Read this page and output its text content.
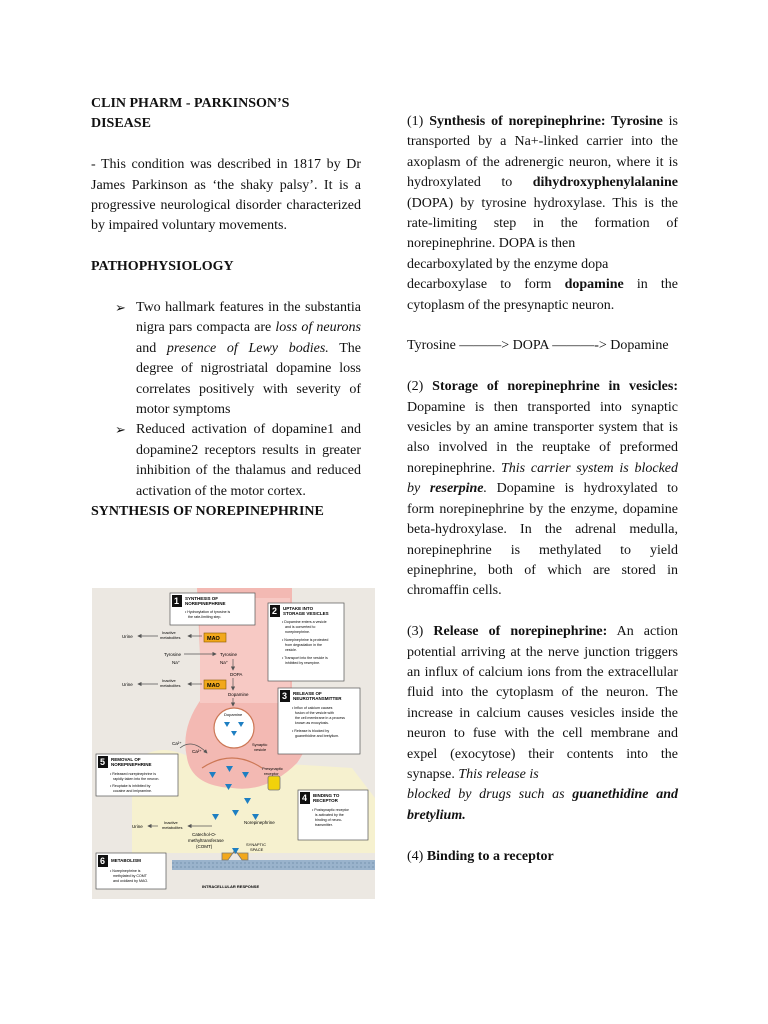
CLIN PHARM - PARKINSON’S
DISEASE
- This condition was described in 1817 by Dr James Parkinson as ‘the shaky palsy’. It is a progressive neurological disorder characterized by impaired voluntary movements.
PATHOPHYSIOLOGY
➢ Two hallmark features in the substantia nigra pars compacta are loss of neurons and presence of Lewy bodies. The degree of nigrostriatal dopamine loss correlates positively with severity of motor symptoms
➢ Reduced activation of dopamine1 and dopamine2 receptors results in greater inhibition of the thalamus and reduced activation of the motor cortex.
SYNTHESIS OF NOREPINEPHRINE
MAO
MAO
Tyrosine
Na⁺
Tyrosine
Na⁺
DOPA
Dopamine
Dopamine
Synaptic
vesicle
Ca²⁺
Ca²⁺
Presynaptic
receptor
Norepinephrine
Catechol-O-
methyltransferase
(COMT)	SYNAPTIC
SPACE
INTRACELLULAR RESPONSE
Urine
Inactive
metabolites
Urine
Inactive
metabolites
Urine
Inactive
metabolites
1 SYNTHESIS OF
NOREPINEPHRINE
• Hydroxylation of tyrosine is
the rate-limiting step.
2 UPTAKE INTO
STORAGE VESICLES
• Dopamine enters a vesicle
and is converted to
norepinephrine.
• Norepinephrine is protected
from degradation in the
vesicle.
• Transport into the vesicle is
inhibited by reserpine.
3 RELEASE OF
NEUROTRANSMITTER
• Influx of calcium causes
fusion of the vesicle with
the cell membrane in a process
known as exocytosis.
• Release is blocked by
guanethidine and bretylium.
4 BINDING TO
RECEPTOR
• Postsynaptic receptor
is activated by the
binding of neuro-
transmitter.
5 REMOVAL OF
NOREPINEPHRINE
• Released norepinephrine is
rapidly taken into the neuron.
• Reuptake is inhibited by
cocaine and imipramine.
6 METABOLISM
• Norepinephrine is
methylated by COMT
and oxidized by MAO.
(1) Synthesis of norepinephrine: Tyrosine is transported by a Na+-linked carrier into the axoplasm of the adrenergic neuron, where it is hydroxylated to dihydroxyphenylalanine (DOPA) by tyrosine hydroxylase. This is the rate-limiting step in the formation of norepinephrine. DOPA is then
decarboxylated by the enzyme dopa
decarboxylase to form dopamine in the cytoplasm of the presynaptic neuron.
Tyrosine ———> DOPA ———-> Dopamine
(2) Storage of norepinephrine in vesicles: Dopamine is then transported into synaptic vesicles by an amine transporter system that is also involved in the reuptake of preformed norepinephrine. This carrier system is blocked by reserpine. Dopamine is hydroxylated to form norepinephrine by the enzyme, dopamine beta-hydroxylase. In the adrenal medulla, norepinephrine is methylated to yield epinephrine, both of which are stored in chromaffin cells.
(3) Release of norepinephrine: An action potential arriving at the nerve junction triggers an influx of calcium ions from the extracellular fluid into the cytoplasm of the neuron. The increase in calcium causes vesicles inside the neuron to fuse with the cell membrane and expel (exocytose) their contents into the synapse. This release is
blocked by drugs such as guanethidine and bretylium.
(4) Binding to a receptor
